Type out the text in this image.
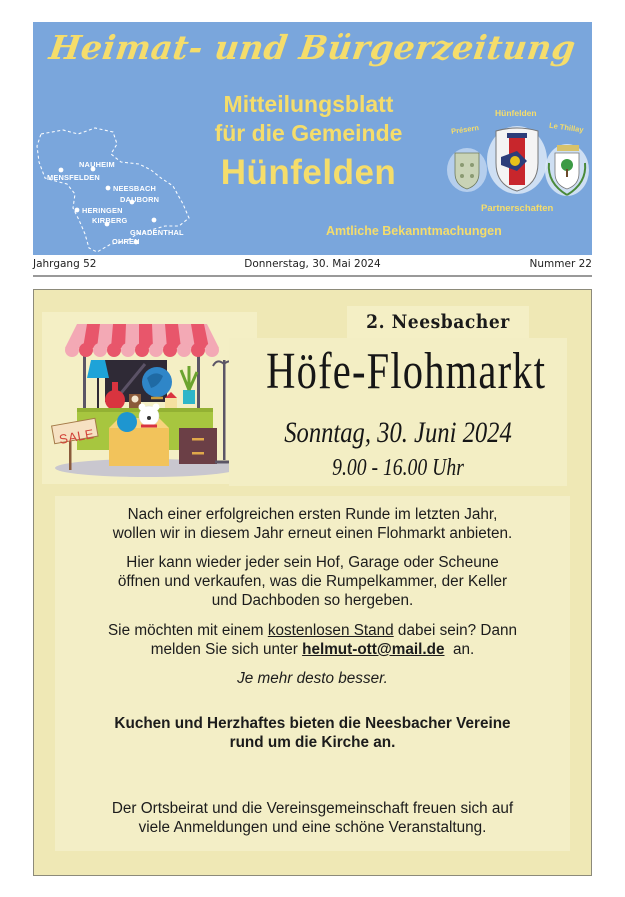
Heimat- und Bürgerzeitung
NAUHEIM
MENSFELDEN
NEESBACH
DAUBORN
HERINGEN
KIRBERG
GNADENTHAL
OHREN
Mitteilungsblatt
für die Gemeinde
Hünfelden
Présern
Hünfelden
Le Thillay
Partnerschaften
Amtliche Bekanntmachungen
Jahrgang 52	Donnerstag, 30. Mai 2024	Nummer 22
SALE
2. Neesbacher
Höfe-Flohmarkt
Sonntag, 30. Juni 2024
9.00 - 16.00 Uhr

Nach einer erfolgreichen ersten Runde im letzten Jahr,
wollen wir in diesem Jahr erneut einen Flohmarkt anbieten.

Hier kann wieder jeder sein Hof, Garage oder Scheune
öffnen und verkaufen, was die Rumpelkammer, der Keller
und Dachboden so hergeben.

Sie möchten mit einem kostenlosen Stand dabei sein? Dann
melden Sie sich unter helmut-ott@mail.de  an.

Je mehr desto besser.

Kuchen und Herzhaftes bieten die Neesbacher Vereine
rund um die Kirche an.

Der Ortsbeirat und die Vereinsgemeinschaft freuen sich auf
viele Anmeldungen und eine schöne Veranstaltung.
